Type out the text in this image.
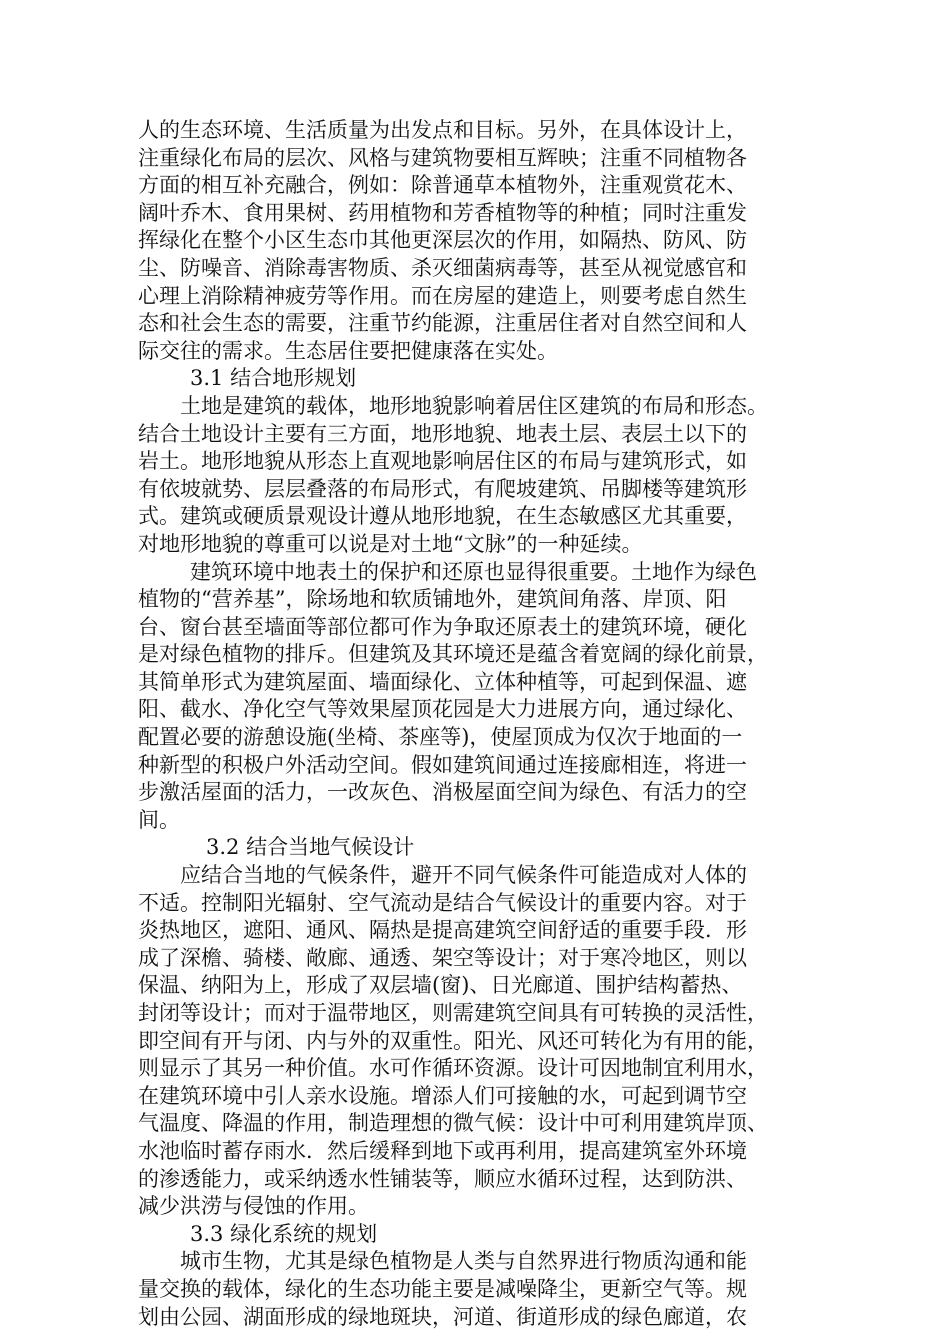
人的生态环境、生活质量为出发点和目标。另外，在具体设计上，
注重绿化布局的层次、风格与建筑物要相互辉映；注重不同植物各
方面的相互补充融合，例如：除普通草本植物外，注重观赏花木、
阔叶乔木、食用果树、药用植物和芳香植物等的种植；同时注重发
挥绿化在整个小区生态巾其他更深层次的作用，如隔热、防风、防
尘、防噪音、消除毒害物质、杀灭细菌病毒等，甚至从视觉感官和
心理上消除精神疲劳等作用。而在房屋的建造上，则要考虑自然生
态和社会生态的需要，注重节约能源，注重居住者对自然空间和人
际交往的需求。生态居住要把健康落在实处。
3.1 结合地形规划
土地是建筑的载体，地形地貌影响着居住区建筑的布局和形态。
结合土地设计主要有三方面，地形地貌、地表土层、表层土以下的
岩土。地形地貌从形态上直观地影响居住区的布局与建筑形式，如
有依坡就势、层层叠落的布局形式，有爬坡建筑、吊脚楼等建筑形
式。建筑或硬质景观设计遵从地形地貌，在生态敏感区尤其重要，
对地形地貌的尊重可以说是对土地“文脉”的一种延续。
建筑环境中地表土的保护和还原也显得很重要。土地作为绿色
植物的“营养基”，除场地和软质铺地外，建筑间角落、岸顶、阳
台、窗台甚至墙面等部位都可作为争取还原表土的建筑环境，硬化
是对绿色植物的排斥。但建筑及其环境还是蕴含着宽阔的绿化前景，
其简单形式为建筑屋面、墙面绿化、立体种植等，可起到保温、遮
阳、截水、净化空气等效果屋顶花园是大力进展方向，通过绿化、
配置必要的游憩设施(坐椅、茶座等)，使屋顶成为仅次于地面的一
种新型的积极户外活动空间。假如建筑间通过连接廊相连，将进一
步激活屋面的活力，一改灰色、消极屋面空间为绿色、有活力的空
间。
3.2 结合当地气候设计
应结合当地的气候条件，避开不同气候条件可能造成对人体的
不适。控制阳光辐射、空气流动是结合气候设计的重要内容。对于
炎热地区，遮阳、通风、隔热是提高建筑空间舒适的重要手段．形
成了深檐、骑楼、敞廊、通透、架空等设计；对于寒冷地区，则以
保温、纳阳为上，形成了双层墙(窗)、日光廊道、围护结构蓄热、
封闭等设计；而对于温带地区，则需建筑空间具有可转换的灵活性，
即空间有开与闭、内与外的双重性。阳光、风还可转化为有用的能，
则显示了其另一种价值。水可作循环资源。设计可因地制宜利用水，
在建筑环境中引人亲水设施。增添人们可接触的水，可起到调节空
气温度、降温的作用，制造理想的微气候：设计中可利用建筑岸顶、
水池临时蓄存雨水．然后缓释到地下或再利用，提高建筑室外环境
的渗透能力，或采纳透水性铺装等，顺应水循环过程，达到防洪、
减少洪涝与侵蚀的作用。
3.3 绿化系统的规划
城市生物，尤其是绿色植物是人类与自然界进行物质沟通和能
量交换的载体，绿化的生态功能主要是减噪降尘，更新空气等。规
划由公园、湖面形成的绿地斑块，河道、街道形成的绿色廊道，农
